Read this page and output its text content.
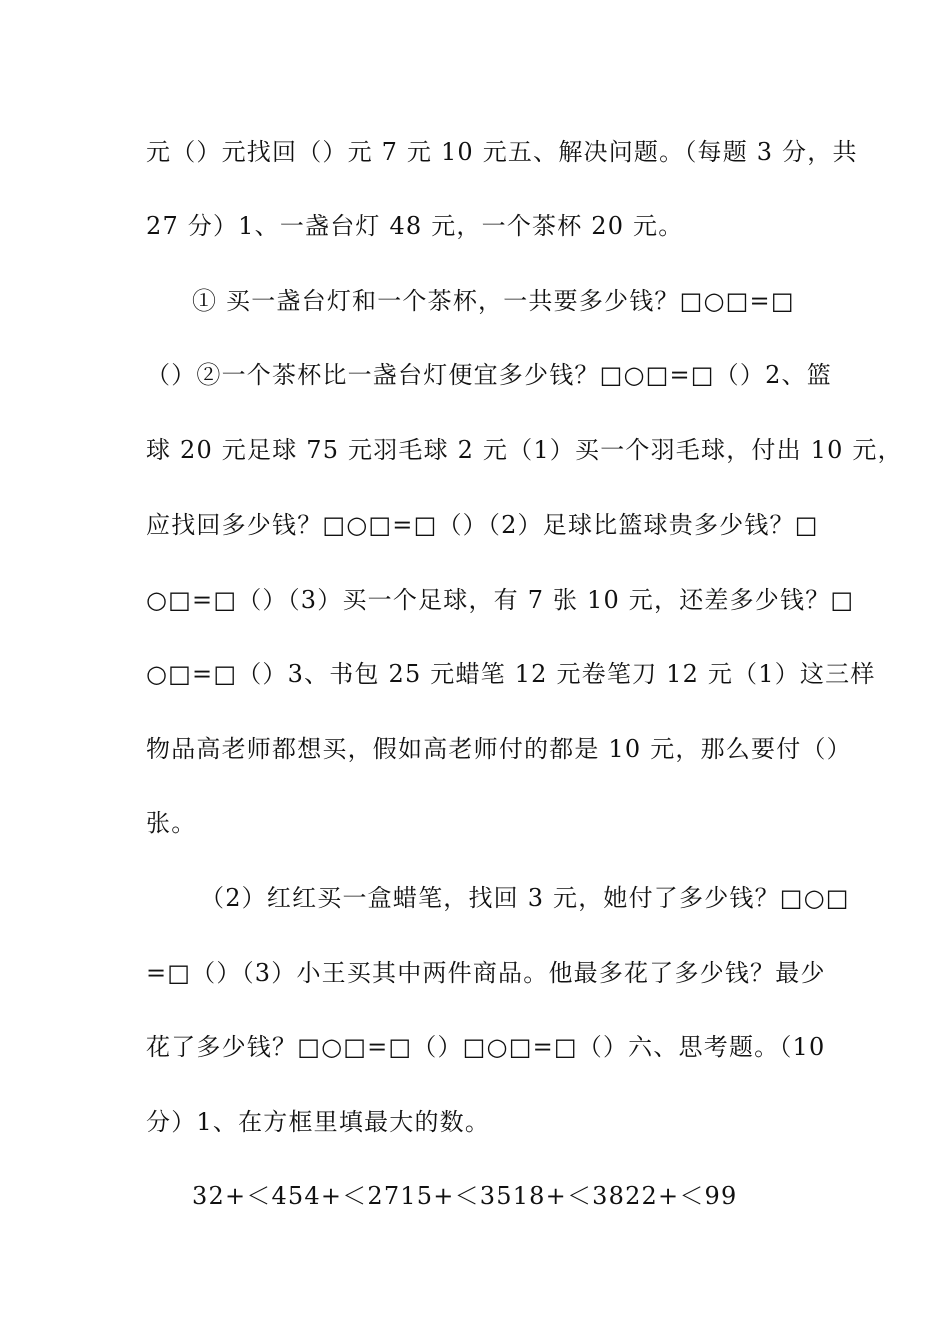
元（）元找回（）元 7 元 10 元五、解决问题。（每题 3 分，共
27 分）1、一盏台灯 48 元，一个茶杯 20 元。
① 买一盏台灯和一个茶杯，一共要多少钱？□○□=□
（）②一个茶杯比一盏台灯便宜多少钱？□○□=□（）2、篮
球 20 元足球 75 元羽毛球 2 元（1）买一个羽毛球，付出 10 元，
应找回多少钱？□○□=□（）（2）足球比篮球贵多少钱？□
○□=□（）（3）买一个足球，有 7 张 10 元，还差多少钱？□
○□=□（）3、书包 25 元蜡笔 12 元卷笔刀 12 元（1）这三样
物品高老师都想买，假如高老师付的都是 10 元，那么要付（）
张。
（2）红红买一盒蜡笔，找回 3 元，她付了多少钱？□○□
=□（）（3）小王买其中两件商品。他最多花了多少钱？最少
花了多少钱？□○□=□（）□○□=□（）六、思考题。（10
分）1、在方框里填最大的数。
32+＜454+＜2715+＜3518+＜3822+＜99
